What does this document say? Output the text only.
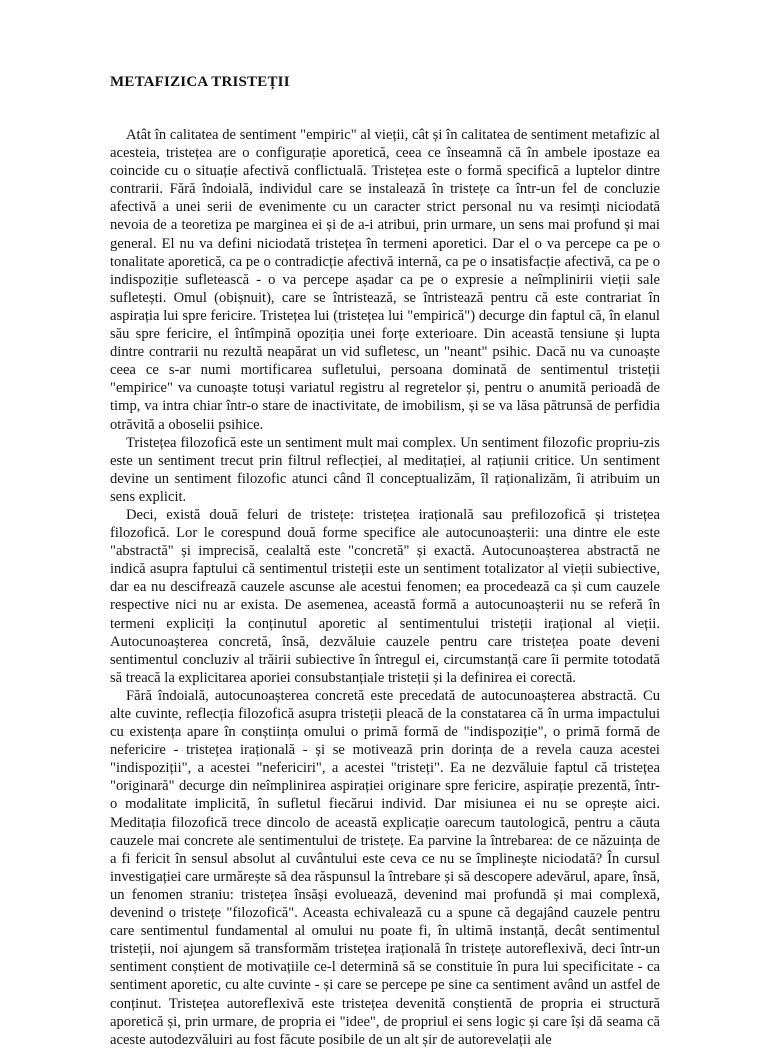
METAFIZICA TRISTEȚII

Atât în calitatea de sentiment "empiric" al vieții, cât și în calitatea de sentiment metafizic al acesteia, tristețea are o configurație aporetică, ceea ce înseamnă că în ambele ipostaze ea coincide cu o situație afectivă conflictuală. Tristețea este o formă specifică a luptelor dintre contrarii. Fără îndoială, individul care se instalează în tristețe ca într-un fel de concluzie afectivă a unei serii de evenimente cu un caracter strict personal nu va resimți niciodată nevoia de a teoretiza pe marginea ei și de a-i atribui, prin urmare, un sens mai profund și mai general. El nu va defini niciodată tristețea în termeni aporetici. Dar el o va percepe ca pe o tonalitate aporetică, ca pe o contradicție afectivă internă, ca pe o insatisfacție afectivă, ca pe o indispoziție sufletească - o va percepe așadar ca pe o expresie a neîmplinirii vieții sale sufletești. Omul (obișnuit), care se întristează, se întristează pentru că este contrariat în aspirația lui spre fericire. Tristețea lui (tristețea lui "empirică") decurge din faptul că, în elanul său spre fericire, el întîmpină opoziția unei forțe exterioare. Din această tensiune și lupta dintre contrarii nu rezultă neapărat un vid sufletesc, un "neant" psihic. Dacă nu va cunoaște ceea ce s-ar numi mortificarea sufletului, persoana dominată de sentimentul tristeții "empirice" va cunoaște totuși variatul registru al regretelor și, pentru o anumită perioadă de timp, va intra chiar într-o stare de inactivitate, de imobilism, și se va lăsa pătrunsă de perfidia otrăvită a oboselii psihice.

Tristețea filozofică este un sentiment mult mai complex. Un sentiment filozofic propriu-zis este un sentiment trecut prin filtrul reflecției, al meditației, al rațiunii critice. Un sentiment devine un sentiment filozofic atunci când îl conceptualizăm, îl raționalizăm, îi atribuim un sens explicit.

Deci, există două feluri de tristețe: tristețea irațională sau prefilozofică și tristețea filozofică. Lor le corespund două forme specifice ale autocunoașterii: una dintre ele este "abstractă" și imprecisă, cealaltă este "concretă" și exactă. Autocunoașterea abstractă ne indică asupra faptului că sentimentul tristeții este un sentiment totalizator al vieții subiective, dar ea nu descifrează cauzele ascunse ale acestui fenomen; ea procedează ca și cum cauzele respective nici nu ar exista. De asemenea, această formă a autocunoașterii nu se referă în termeni expliciți la conținutul aporetic al sentimentului tristeții irațional al vieții. Autocunoașterea concretă, însă, dezvăluie cauzele pentru care tristețea poate deveni sentimentul concluziv al trăirii subiective în întregul ei, circumstanță care îi permite totodată să treacă la explicitarea aporiei consubstanțiale tristeții și la definirea ei corectă.

Fără îndoială, autocunoașterea concretă este precedată de autocunoașterea abstractă. Cu alte cuvinte, reflecția filozofică asupra tristeții pleacă de la constatarea că în urma impactului cu existența apare în conștiința omului o primă formă de "indispoziție", o primă formă de nefericire - tristețea irațională - și se motivează prin dorința de a revela cauza acestei "indispoziții", a acestei "nefericiri", a acestei "tristeți". Ea ne dezvăluie faptul că tristețea "originară" decurge din neîmplinirea aspirației originare spre fericire, aspirație prezentă, într-o modalitate implicită, în sufletul fiecărui individ. Dar misiunea ei nu se oprește aici. Meditația filozofică trece dincolo de această explicație oarecum tautologică, pentru a căuta cauzele mai concrete ale sentimentului de tristețe. Ea parvine la întrebarea: de ce năzuința de a fi fericit în sensul absolut al cuvântului este ceva ce nu se împlinește niciodată? În cursul investigației care urmărește să dea răspunsul la întrebare și să descopere adevărul, apare, însă, un fenomen straniu: tristețea însăși evoluează, devenind mai profundă și mai complexă, devenind o tristețe "filozofică". Aceasta echivalează cu a spune că degajând cauzele pentru care sentimentul fundamental al omului nu poate fi, în ultimă instanță, decât sentimentul tristeții, noi ajungem să transformăm tristețea irațională în tristețe autoreflexivă, deci într-un sentiment conștient de motivațiile ce-l determină să se constituie în pura lui specificitate - ca sentiment aporetic, cu alte cuvinte - și care se percepe pe sine ca sentiment având un astfel de conținut. Tristețea autoreflexivă este tristețea devenită conștientă de propria ei structură aporetică și, prin urmare, de propria ei "idee", de propriul ei sens logic și care își dă seama că aceste autodezvăluiri au fost făcute posibile de un alt șir de autorevelații ale
